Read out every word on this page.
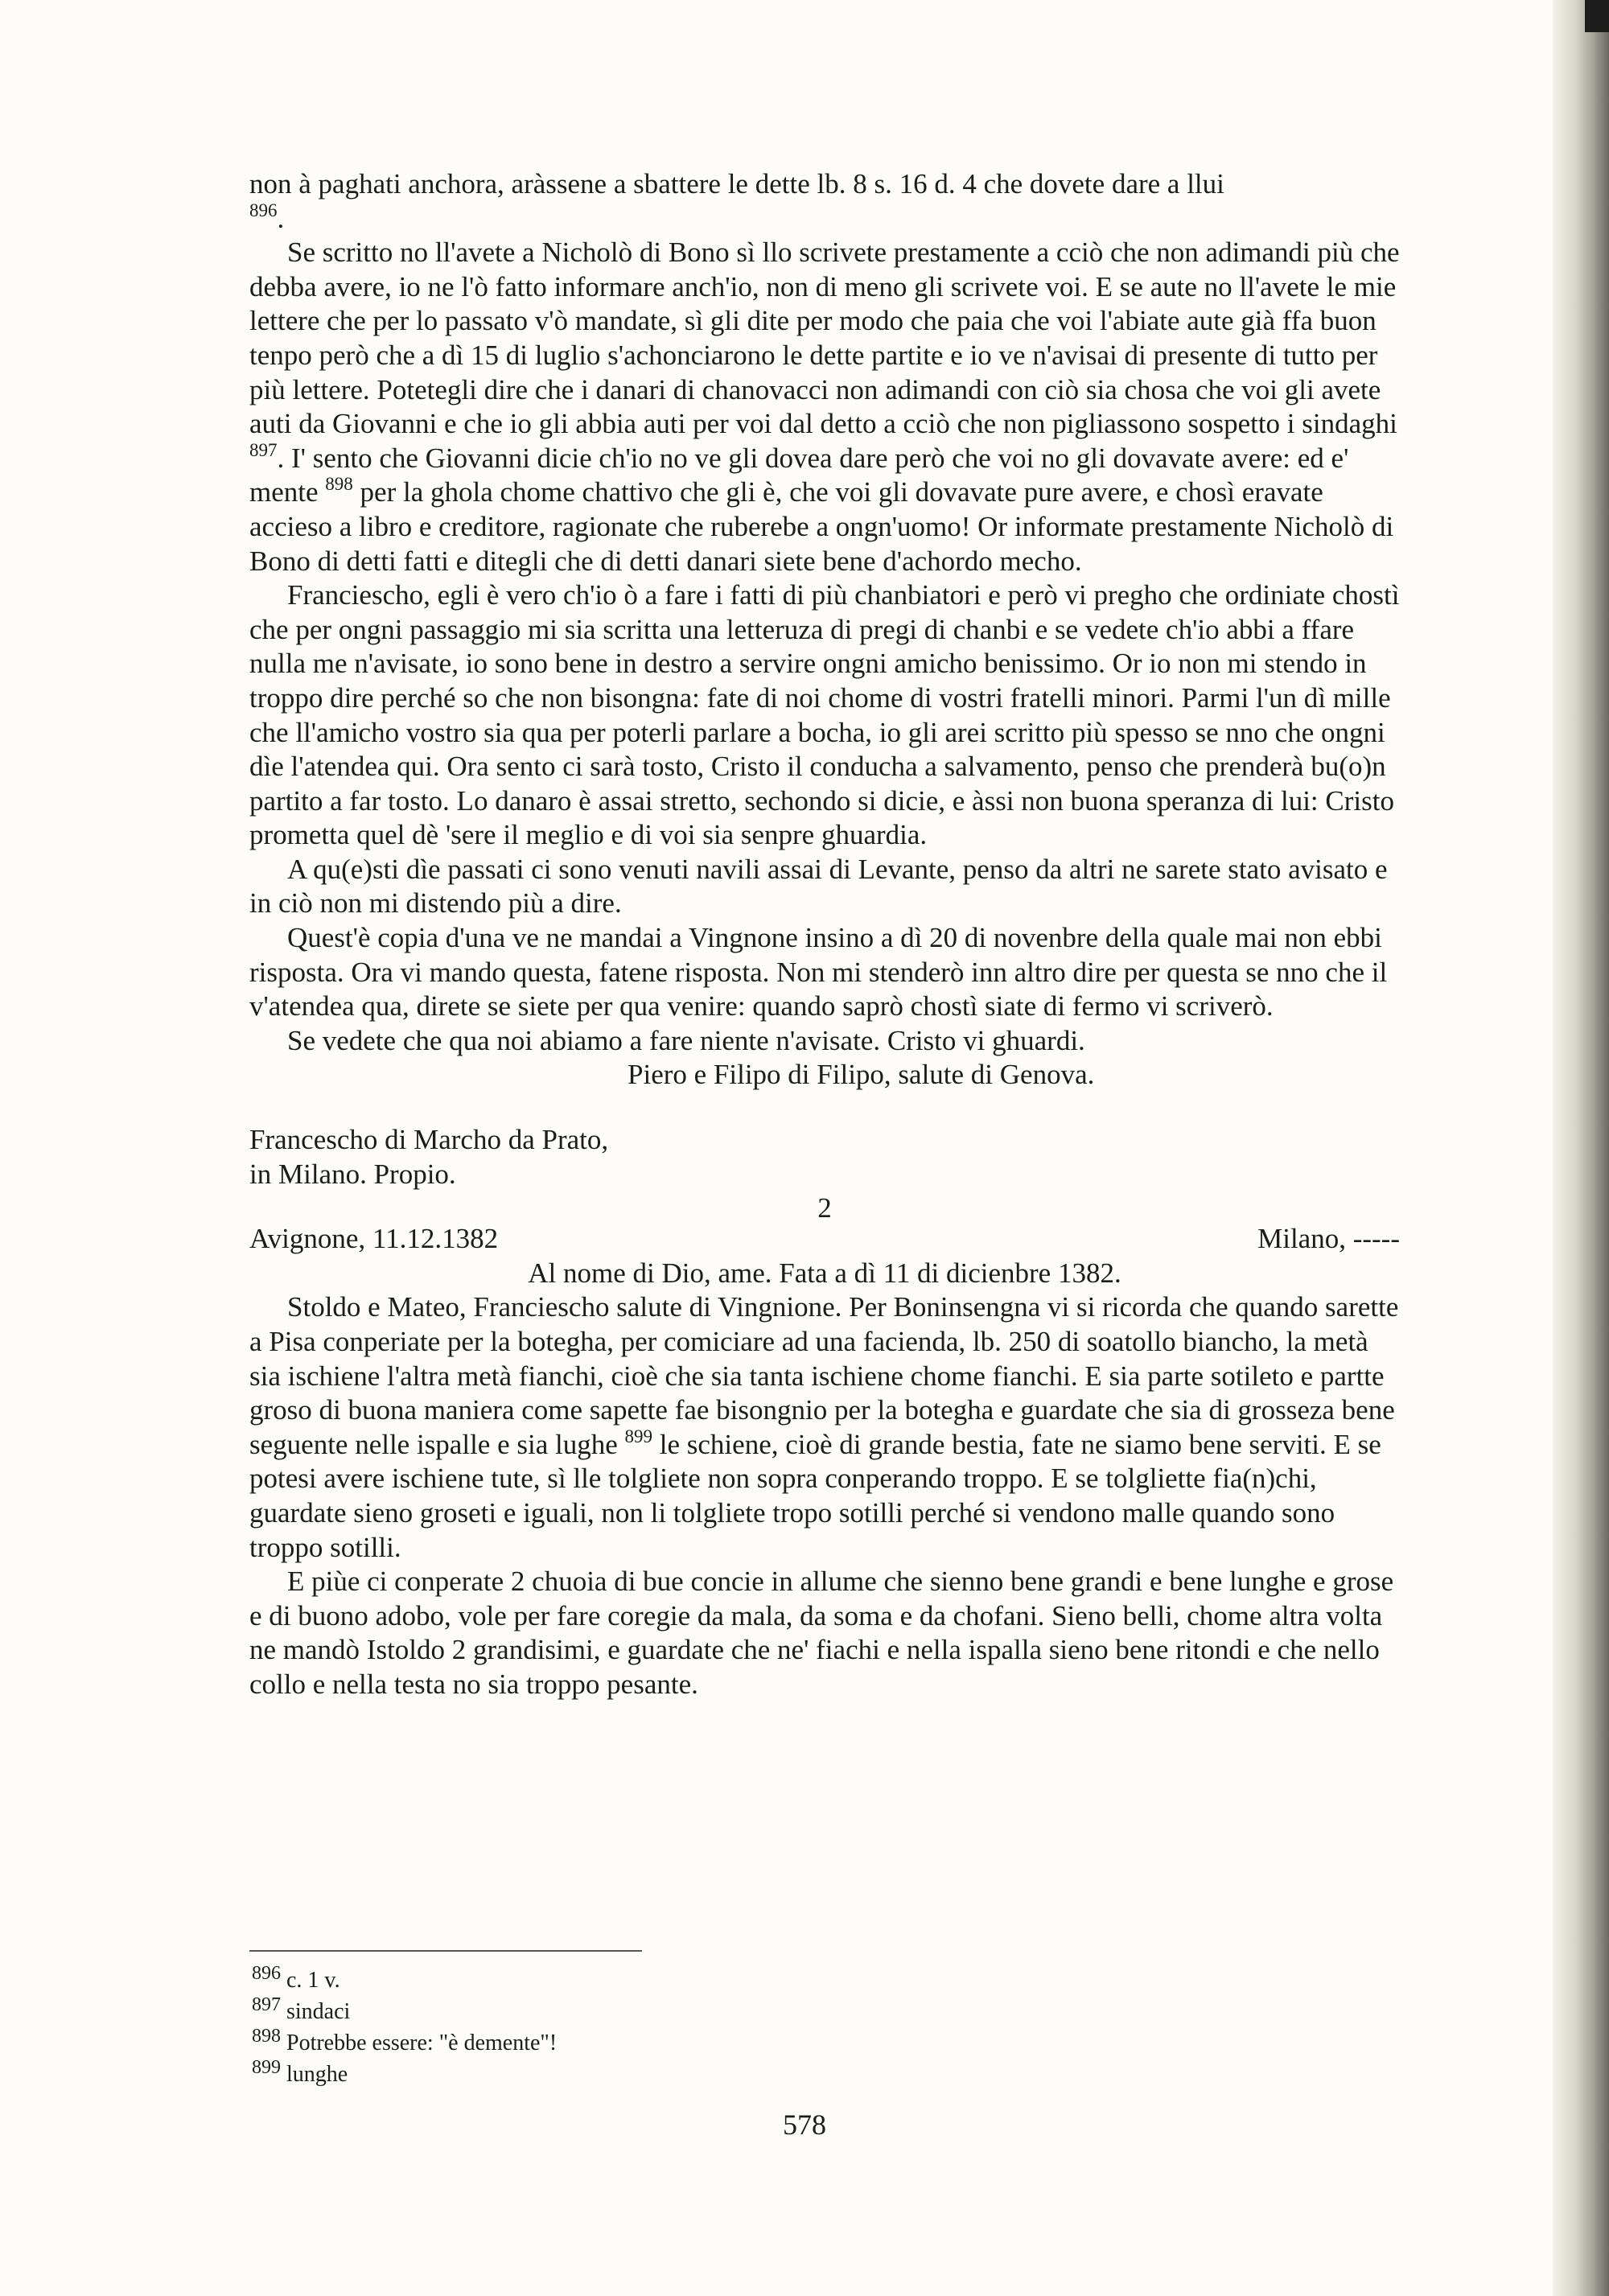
non à paghati anchora, aràssene a sbattere le dette lb. 8 s. 16 d. 4 che dovete dare a llui
$^{896}$.

Se scritto no ll'avete a Nicholò di Bono sì llo scrivete prestamente a cciò che non adimandi più che debba avere, io ne l'ò fatto informare anch'io, non di meno gli scrivete voi. E se aute no ll'avete le mie lettere che per lo passato v'ò mandate, sì gli dite per modo che paia che voi l'abiate aute già ffa buon tenpo però che a dì 15 di luglio s'achonciarono le dette partite e io ve n'avisai di presente di tutto per più lettere. Potetegli dire che i danari di chanovacci non adimandi con ciò sia chosa che voi gli avete auti da Giovanni e che io gli abbia auti per voi dal detto a cciò che non pigliassono sospetto i sindaghi $^{897}$. I' sento che Giovanni dicie ch'io no ve gli dovea dare però che voi no gli dovavate avere: ed e' mente $^{898}$ per la ghola chome chattivo che gli è, che voi gli dovavate pure avere, e chosì eravate accieso a libro e creditore, ragionate che ruberebe a ongn'uomo! Or informate prestamente Nicholò di Bono di detti fatti e ditegli che di detti danari siete bene d'achordo mecho.

Franciescho, egli è vero ch'io ò a fare i fatti di più chanbiatori e però vi pregho che ordiniate chostì che per ongni passaggio mi sia scritta una letteruza di pregi di chanbi e se vedete ch'io abbi a ffare nulla me n'avisate, io sono bene in destro a servire ongni amicho benissimo. Or io non mi stendo in troppo dire perché so che non bisongna: fate di noi chome di vostri fratelli minori. Parmi l'un dì mille che ll'amicho vostro sia qua per poterli parlare a bocha, io gli arei scritto più spesso se nno che ongni dìe l'atendea qui. Ora sento ci sarà tosto, Cristo il conducha a salvamento, penso che prenderà bu(o)n partito a far tosto. Lo danaro è assai stretto, sechondo si dicie, e àssi non buona speranza di lui: Cristo prometta quel dè 'sere il meglio e di voi sia senpre ghuardia.

A qu(e)sti dìe passati ci sono venuti navili assai di Levante, penso da altri ne sarete stato avisato e in ciò non mi distendo più a dire.

Quest'è copia d'una ve ne mandai a Vingnone insino a dì 20 di novenbre della quale mai non ebbi risposta. Ora vi mando questa, fatene risposta. Non mi stenderò inn altro dire per questa se nno che il v'atendea qua, direte se siete per qua venire: quando saprò chostì siate di fermo vi scriverò.

Se vedete che qua noi abiamo a fare niente n'avisate. Cristo vi ghuardi.

Piero e Filipo di Filipo, salute di Genova.

Francescho di Marcho da Prato,

in Milano. Propio.

2

Avignone, 11.12.1382	Milano, -----

Al nome di Dio, ame. Fata a dì 11 di dicienbre 1382.

Stoldo e Mateo, Franciescho salute di Vingnione. Per Boninsengna vi si ricorda che quando sarette a Pisa conperiate per la botegha, per comiciare ad una facienda, lb. 250 di soatollo biancho, la metà sia ischiene l'altra metà fianchi, cioè che sia tanta ischiene chome fianchi. E sia parte sotileto e partte groso di buona maniera come sapette fae bisongnio per la botegha e guardate che sia di grosseza bene seguente nelle ispalle e sia lughe $^{899}$ le schiene, cioè di grande bestia, fate ne siamo bene serviti. E se potesi avere ischiene tute, sì lle tolgliete non sopra conperando troppo. E se tolgliette fia(n)chi, guardate sieno groseti e iguali, non li tolgliete tropo sotilli perché si vendono malle quando sono troppo sotilli.

E piùe ci conperate 2 chuoia di bue concie in allume che sienno bene grandi e bene lunghe e grose e di buono adobo, vole per fare coregie da mala, da soma e da chofani. Sieno belli, chome altra volta ne mandò Istoldo 2 grandisimi, e guardate che ne' fiachi e nella ispalla sieno bene ritondi e che nello collo e nella testa no sia troppo pesante.

$^{896}$ c. 1 v.
$^{897}$ sindaci
$^{898}$ Potrebbe essere: "è demente"!
$^{899}$ lunghe
578
